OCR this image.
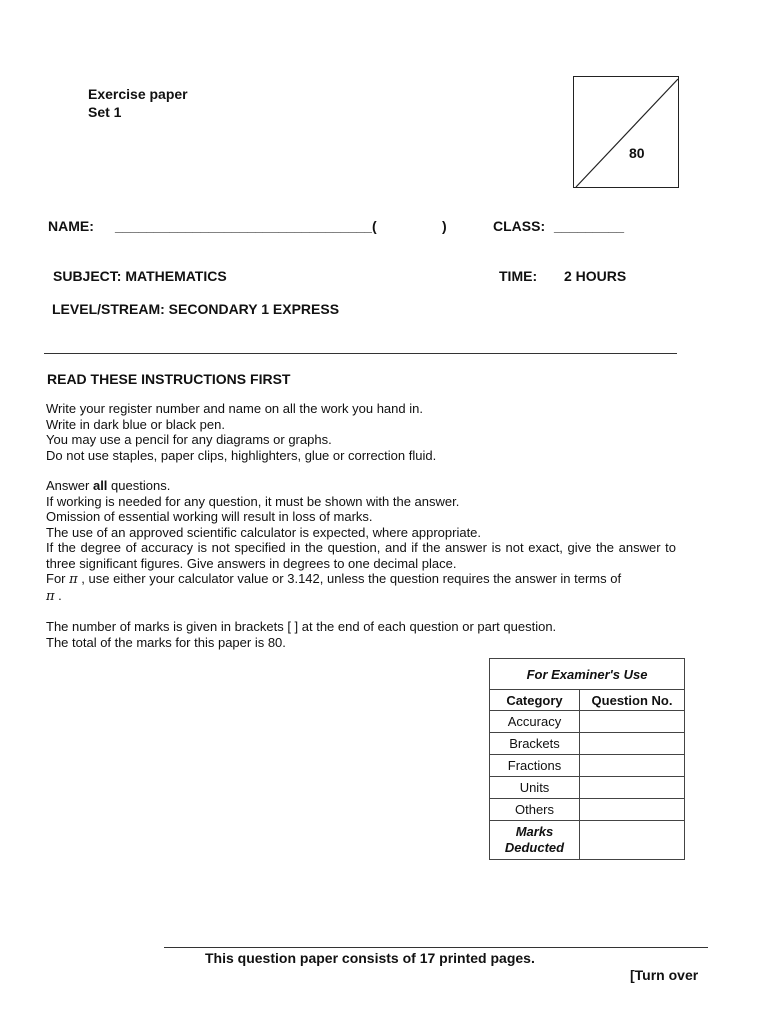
Exercise paper
Set 1
80
NAME: _________________________________(	)	CLASS: _________
SUBJECT: MATHEMATICS	TIME: 2 HOURS
LEVEL/STREAM: SECONDARY 1 EXPRESS
READ THESE INSTRUCTIONS FIRST

Write your register number and name on all the work you hand in.

Write in dark blue or black pen.

You may use a pencil for any diagrams or graphs.

Do not use staples, paper clips, highlighters, glue or correction fluid.

Answer all questions.

If working is needed for any question, it must be shown with the answer.

Omission of essential working will result in loss of marks.

The use of an approved scientific calculator is expected, where appropriate.

If the degree of accuracy is not specified in the question, and if the answer is not exact, give the answer to three significant figures. Give answers in degrees to one decimal place.

For π , use either your calculator value or 3.142, unless the question requires the answer in terms of

π .

The number of marks is given in brackets [ ] at the end of each question or part question.

The total of the marks for this paper is 80.

For Examiner's Use	
Category	Question No.
Accuracy	
Brackets	
Fractions	
Units	
Others	

Marks
Deducted	

This question paper consists of 17 printed pages.
[Turn over
